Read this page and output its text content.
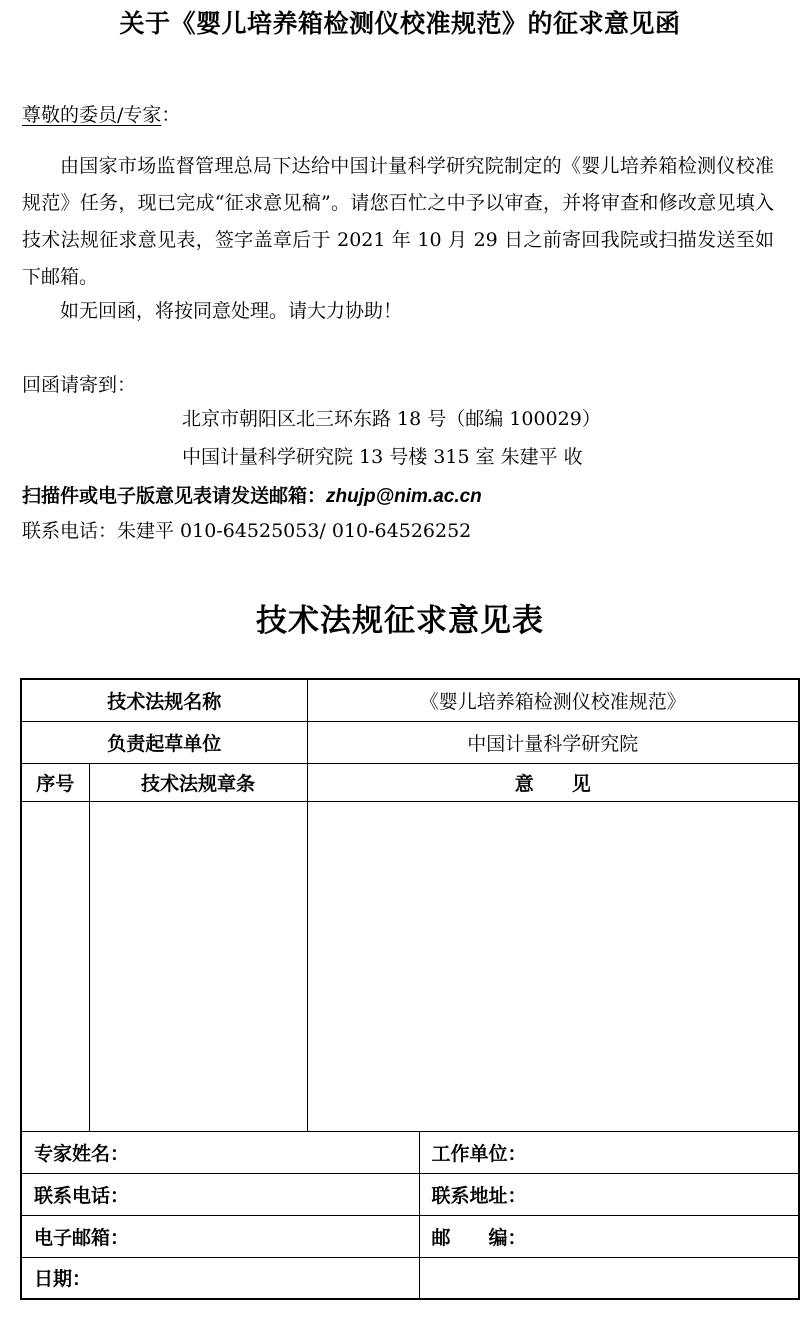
关于《婴儿培养箱检测仪校准规范》的征求意见函
尊敬的委员/专家：
由国家市场监督管理总局下达给中国计量科学研究院制定的《婴儿培养箱检测仪校准规范》任务，现已完成“征求意见稿”。请您百忙之中予以审查，并将审查和修改意见填入技术法规征求意见表，签字盖章后于 2021 年 10 月 29 日之前寄回我院或扫描发送至如下邮箱。
如无回函，将按同意处理。请大力协助！
回函请寄到：
北京市朝阳区北三环东路 18 号（邮编 100029）
中国计量科学研究院 13 号楼 315 室 朱建平 收
扫描件或电子版意见表请发送邮箱：zhujp@nim.ac.cn
联系电话：朱建平 010-64525053/ 010-64526252
技术法规征求意见表
技术法规名称		《婴儿培养箱检测仪校准规范》	
负责起草单位		中国计量科学研究院	
序号	技术法规章条	意　　见	

专家姓名：			工作单位：
联系电话：			联系地址：
电子邮箱：			邮　　编：
日期：			
